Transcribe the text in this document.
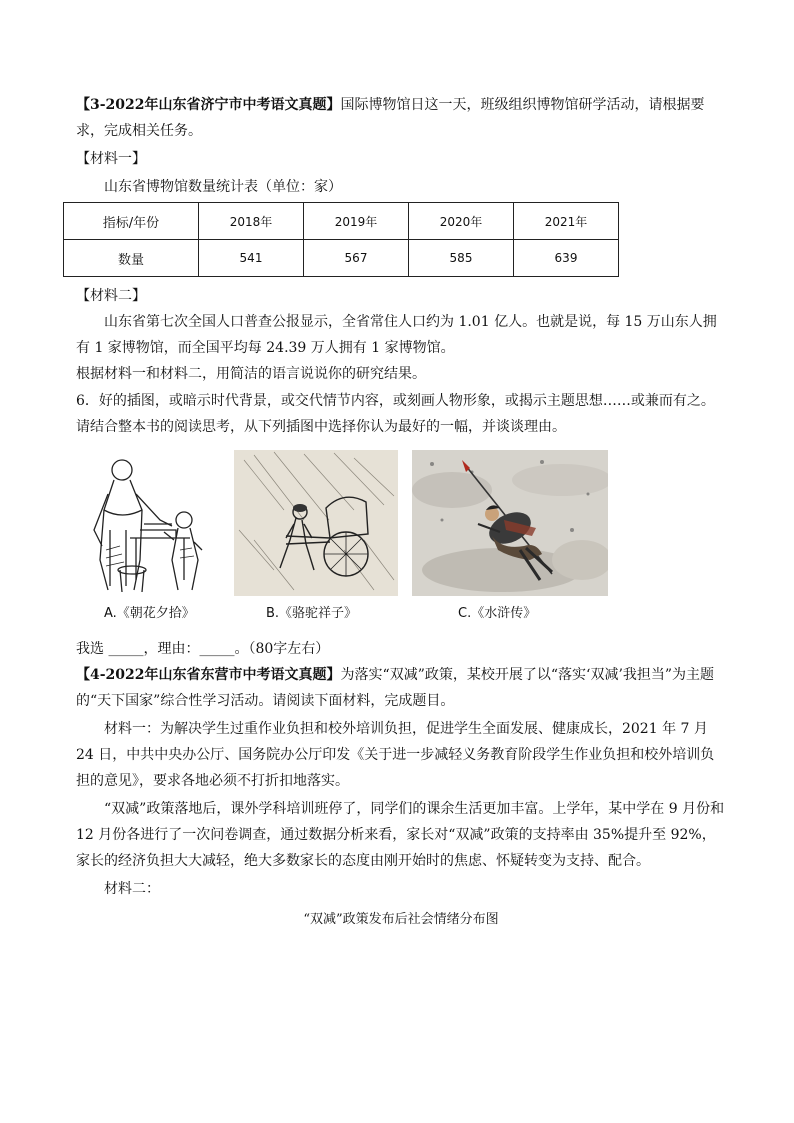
【3-2022年山东省济宁市中考语文真题】国际博物馆日这一天，班级组织博物馆研学活动，请根据要求，完成相关任务。

【材料一】

山东省博物馆数量统计表（单位：家）

指标/年份	2018年	2019年	2020年	2021年
数量	541	567	585	639

【材料二】

山东省第七次全国人口普查公报显示，全省常住人口约为 1.01 亿人。也就是说，每 15 万山东人拥有 1 家博物馆，而全国平均每 24.39 万人拥有 1 家博物馆。

根据材料一和材料二，用简洁的语言说说你的研究结果。

6．好的插图，或暗示时代背景，或交代情节内容，或刻画人物形象，或揭示主题思想……或兼而有之。请结合整本书的阅读思考，从下列插图中选择你认为最好的一幅，并谈谈理由。

A.《朝花夕拾》	B.《骆驼祥子》	C.《水浒传》

我选 _____，理由：_____。（80字左右）

【4-2022年山东省东营市中考语文真题】为落实“双减”政策，某校开展了以“落实‘双减’我担当”为主题的“天下国家”综合性学习活动。请阅读下面材料，完成题目。

材料一：为解决学生过重作业负担和校外培训负担，促进学生全面发展、健康成长，2021 年 7 月 24 日，中共中央办公厅、国务院办公厅印发《关于进一步减轻义务教育阶段学生作业负担和校外培训负担的意见》，要求各地必须不打折扣地落实。

“双减”政策落地后，课外学科培训班停了，同学们的课余生活更加丰富。上学年，某中学在 9 月份和 12 月份各进行了一次问卷调查，通过数据分析来看，家长对“双减”政策的支持率由 35%提升至 92%，家长的经济负担大大减轻，绝大多数家长的态度由刚开始时的焦虑、怀疑转变为支持、配合。

材料二：

“双减”政策发布后社会情绪分布图
